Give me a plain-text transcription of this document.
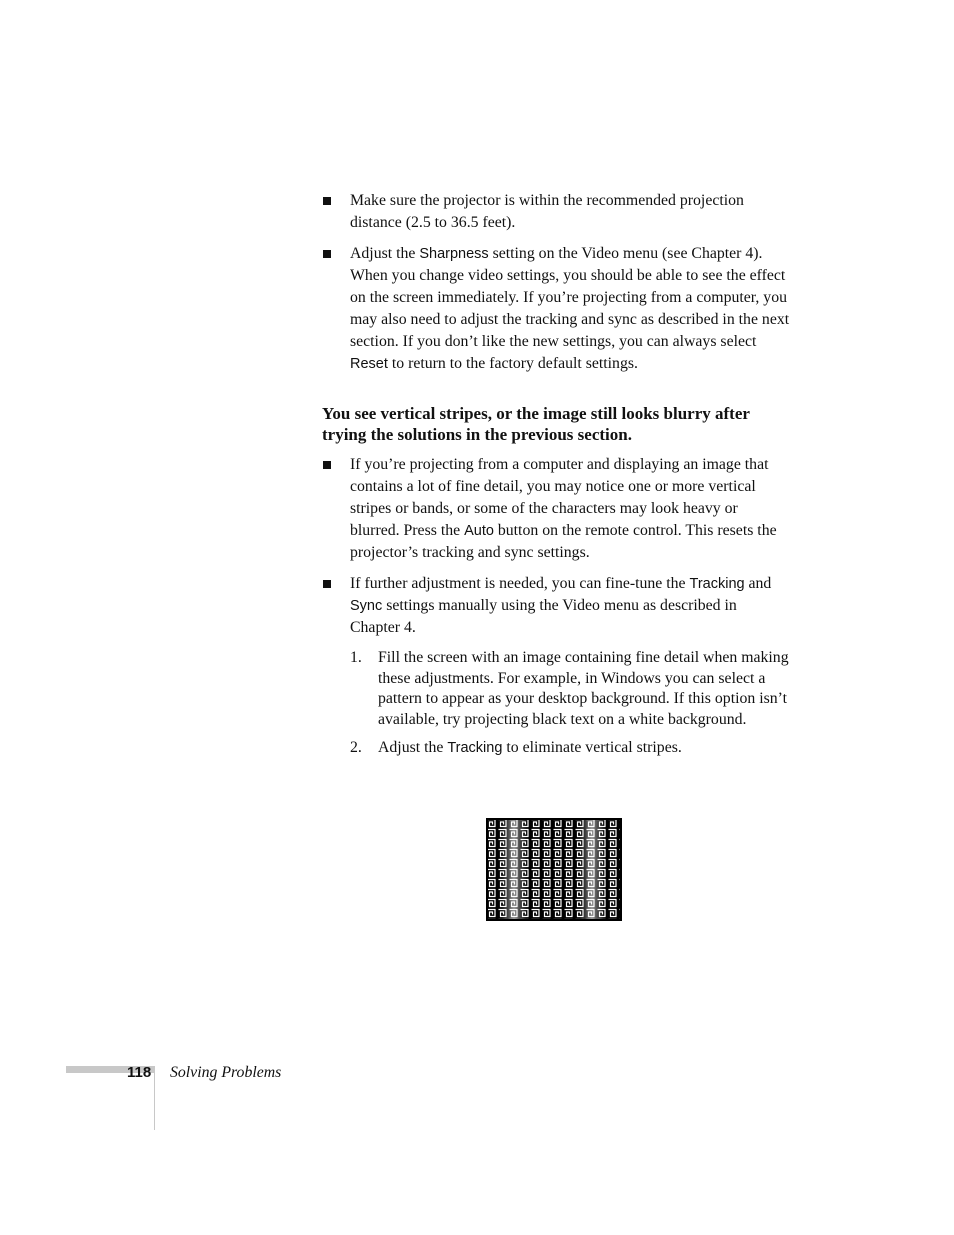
Make sure the projector is within the recommended projection distance (2.5 to 36.5 feet).
Adjust the Sharpness setting on the Video menu (see Chapter 4). When you change video settings, you should be able to see the effect on the screen immediately. If you’re projecting from a computer, you may also need to adjust the tracking and sync as described in the next section. If you don’t like the new settings, you can always select Reset to return to the factory default settings.
You see vertical stripes, or the image still looks blurry after trying the solutions in the previous section.
If you’re projecting from a computer and displaying an image that contains a lot of fine detail, you may notice one or more vertical stripes or bands, or some of the characters may look heavy or blurred. Press the Auto button on the remote control. This resets the projector’s tracking and sync settings.
If further adjustment is needed, you can fine-tune the Tracking and Sync settings manually using the Video menu as described in Chapter 4.
1. Fill the screen with an image containing fine detail when making these adjustments. For example, in Windows you can select a pattern to appear as your desktop background. If this option isn’t available, try projecting black text on a white background.
2. Adjust the Tracking to eliminate vertical stripes.
118 Solving Problems
